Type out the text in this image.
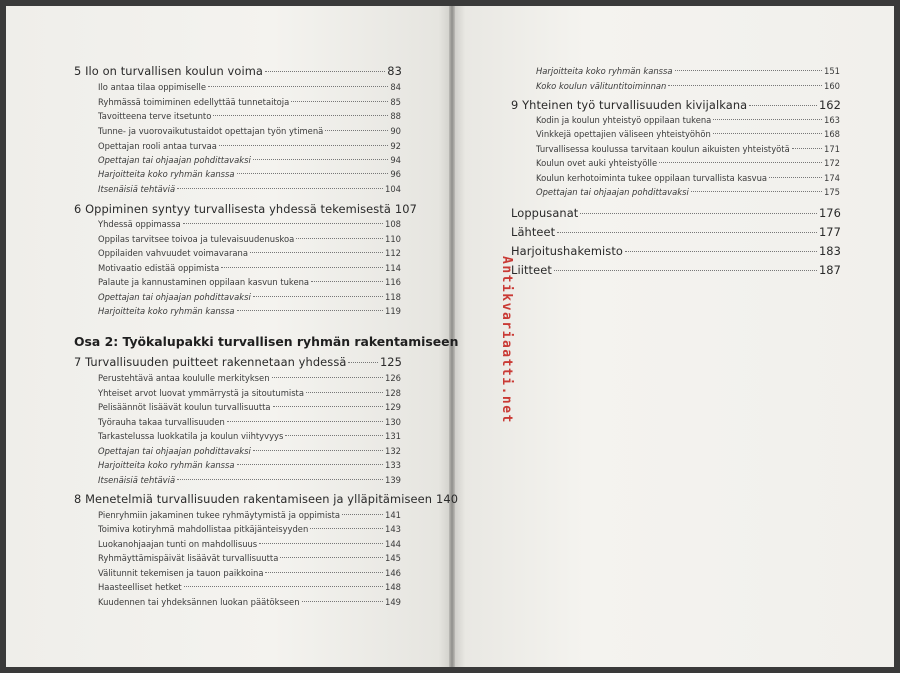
5 Ilo on turvallisen koulun voima	83
Ilo antaa tilaa oppimiselle	84
Ryhmässä toimiminen edellyttää tunnetaitoja	85
Tavoitteena terve itsetunto	88
Tunne- ja vuorovaikutustaidot opettajan työn ytimenä	90
Opettajan rooli antaa turvaa	92
Opettajan tai ohjaajan pohdittavaksi	94
Harjoitteita koko ryhmän kanssa	96
Itsenäisiä tehtäviä	104
6 Oppiminen syntyy turvallisesta yhdessä tekemisestä 107
Yhdessä oppimassa	108
Oppilas tarvitsee toivoa ja tulevaisuudenuskoa	110
Oppilaiden vahvuudet voimavarana	112
Motivaatio edistää oppimista	114
Palaute ja kannustaminen oppilaan kasvun tukena	116
Opettajan tai ohjaajan pohdittavaksi	118
Harjoitteita koko ryhmän kanssa	119
Osa 2: Työkalupakki turvallisen ryhmän rakentamiseen
7 Turvallisuuden puitteet rakennetaan yhdessä	125
Perustehtävä antaa koululle merkityksen	126
Yhteiset arvot luovat ymmärrystä ja sitoutumista	128
Pelisäännöt lisäävät koulun turvallisuutta	129
Työrauha takaa turvallisuuden	130
Tarkastelussa luokkatila ja koulun viihtyvyys	131
Opettajan tai ohjaajan pohdittavaksi	132
Harjoitteita koko ryhmän kanssa	133
Itsenäisiä tehtäviä	139
8 Menetelmiä turvallisuuden rakentamiseen ja ylläpitämiseen 140
Pienryhmiin jakaminen tukee ryhmäytymistä ja oppimista	141
Toimiva kotiryhmä mahdollistaa pitkäjänteisyyden	143
Luokanohjaajan tunti on mahdollisuus	144
Ryhmäyttämispäivät lisäävät turvallisuutta	145
Välitunnit tekemisen ja tauon paikkoina	146
Haasteelliset hetket	148
Kuudennen tai yhdeksännen luokan päätökseen	149
Harjoitteita koko ryhmän kanssa	151
Koko koulun välituntitoiminnan	160
9 Yhteinen työ turvallisuuden kivijalkana	162
Kodin ja koulun yhteistyö oppilaan tukena	163
Vinkkejä opettajien väliseen yhteistyöhön	168
Turvallisessa koulussa tarvitaan koulun aikuisten yhteistyötä	171
Koulun ovet auki yhteistyölle	172
Koulun kerhotoiminta tukee oppilaan turvallista kasvua	174
Opettajan tai ohjaajan pohdittavaksi	175
Loppusanat	176
Lähteet	177
Harjoitushakemisto	183
Liitteet	187
Antikvariaatti.net
